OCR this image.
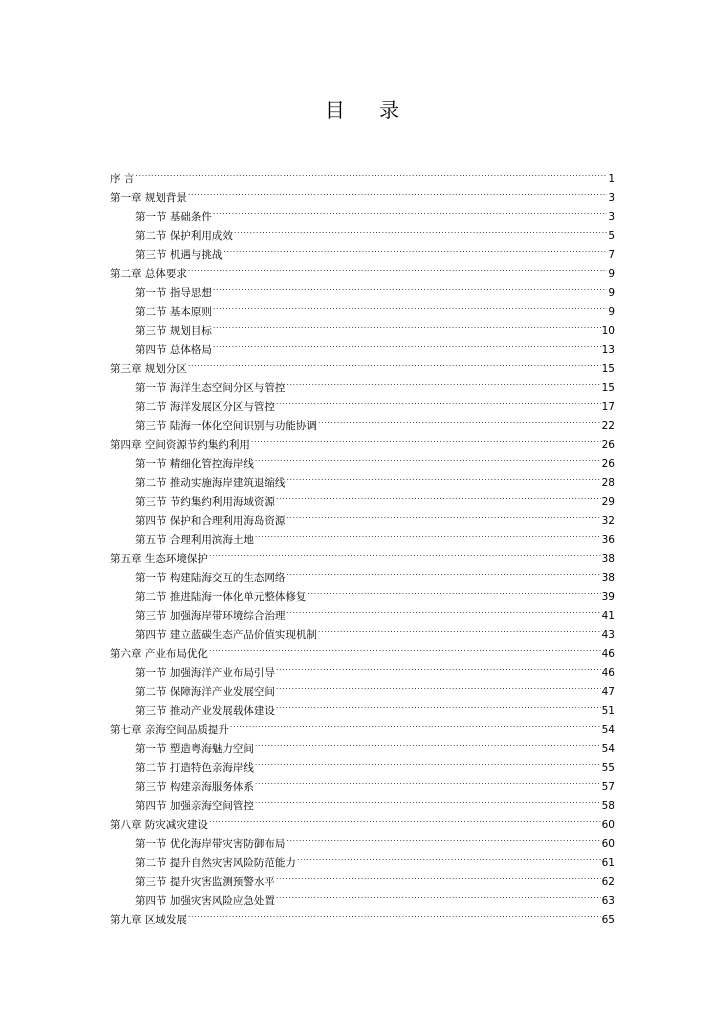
目 录
序 言 .....	1
第一章 规划背景 .....	3
第一节 基础条件 .....	3
第二节 保护利用成效 .....	5
第三节 机遇与挑战 .....	7
第二章 总体要求 .....	9
第一节 指导思想 .....	9
第二节 基本原则 .....	9
第三节 规划目标 .....	10
第四节 总体格局 .....	13
第三章 规划分区 .....	15
第一节 海洋生态空间分区与管控 .....	15
第二节 海洋发展区分区与管控 .....	17
第三节 陆海一体化空间识别与功能协调 .....	22
第四章 空间资源节约集约利用 .....	26
第一节 精细化管控海岸线 .....	26
第二节 推动实施海岸建筑退缩线 .....	28
第三节 节约集约利用海域资源 .....	29
第四节 保护和合理利用海岛资源 .....	32
第五节 合理利用滨海土地 .....	36
第五章 生态环境保护 .....	38
第一节 构建陆海交互的生态网络 .....	38
第二节 推进陆海一体化单元整体修复 .....	39
第三节 加强海岸带环境综合治理 .....	41
第四节 建立蓝碳生态产品价值实现机制 .....	43
第六章 产业布局优化 .....	46
第一节 加强海洋产业布局引导 .....	46
第二节 保障海洋产业发展空间 .....	47
第三节 推动产业发展载体建设 .....	51
第七章 亲海空间品质提升 .....	54
第一节 塑造粤海魅力空间 .....	54
第二节 打造特色亲海岸线 .....	55
第三节 构建亲海服务体系 .....	57
第四节 加强亲海空间管控 .....	58
第八章 防灾减灾建设 .....	60
第一节 优化海岸带灾害防御布局 .....	60
第二节 提升自然灾害风险防范能力 .....	61
第三节 提升灾害监测预警水平 .....	62
第四节 加强灾害风险应急处置 .....	63
第九章 区域发展 .....	65
